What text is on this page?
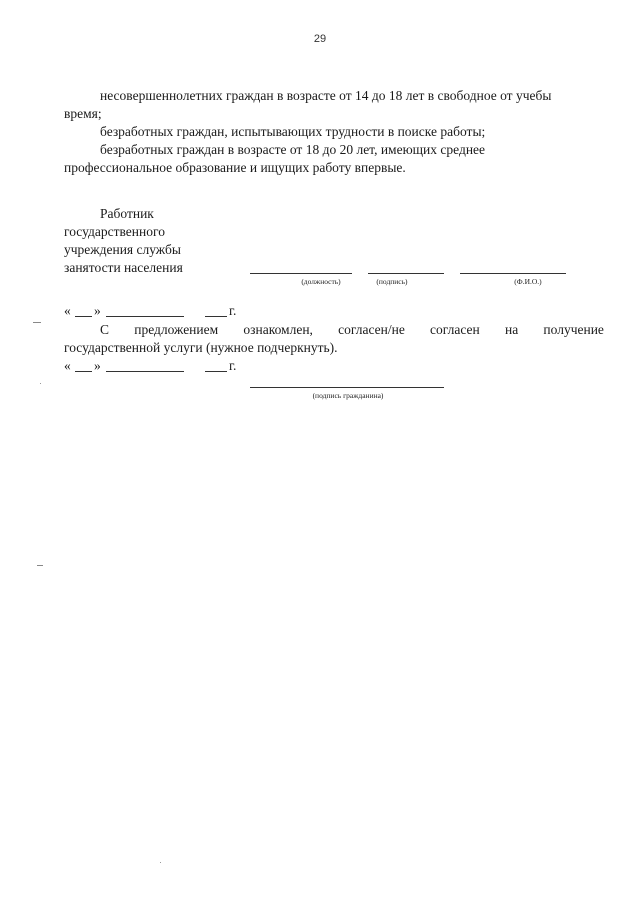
29
несовершеннолетних граждан в возрасте от 14 до 18 лет в свободное от учебы
время;
безработных граждан, испытывающих трудности в поиске работы;
безработных граждан в возрасте от 18 до 20 лет, имеющих среднее
профессиональное образование и ищущих работу впервые.
Работник
государственного
учреждения службы
занятости населения
(должность)	(подпись)	(Ф.И.О.)
« »	г.
С предложением ознакомлен, согласен/не согласен на получение
государственной услуги (нужное подчеркнуть).
« »	г.
(подпись гражданина)
